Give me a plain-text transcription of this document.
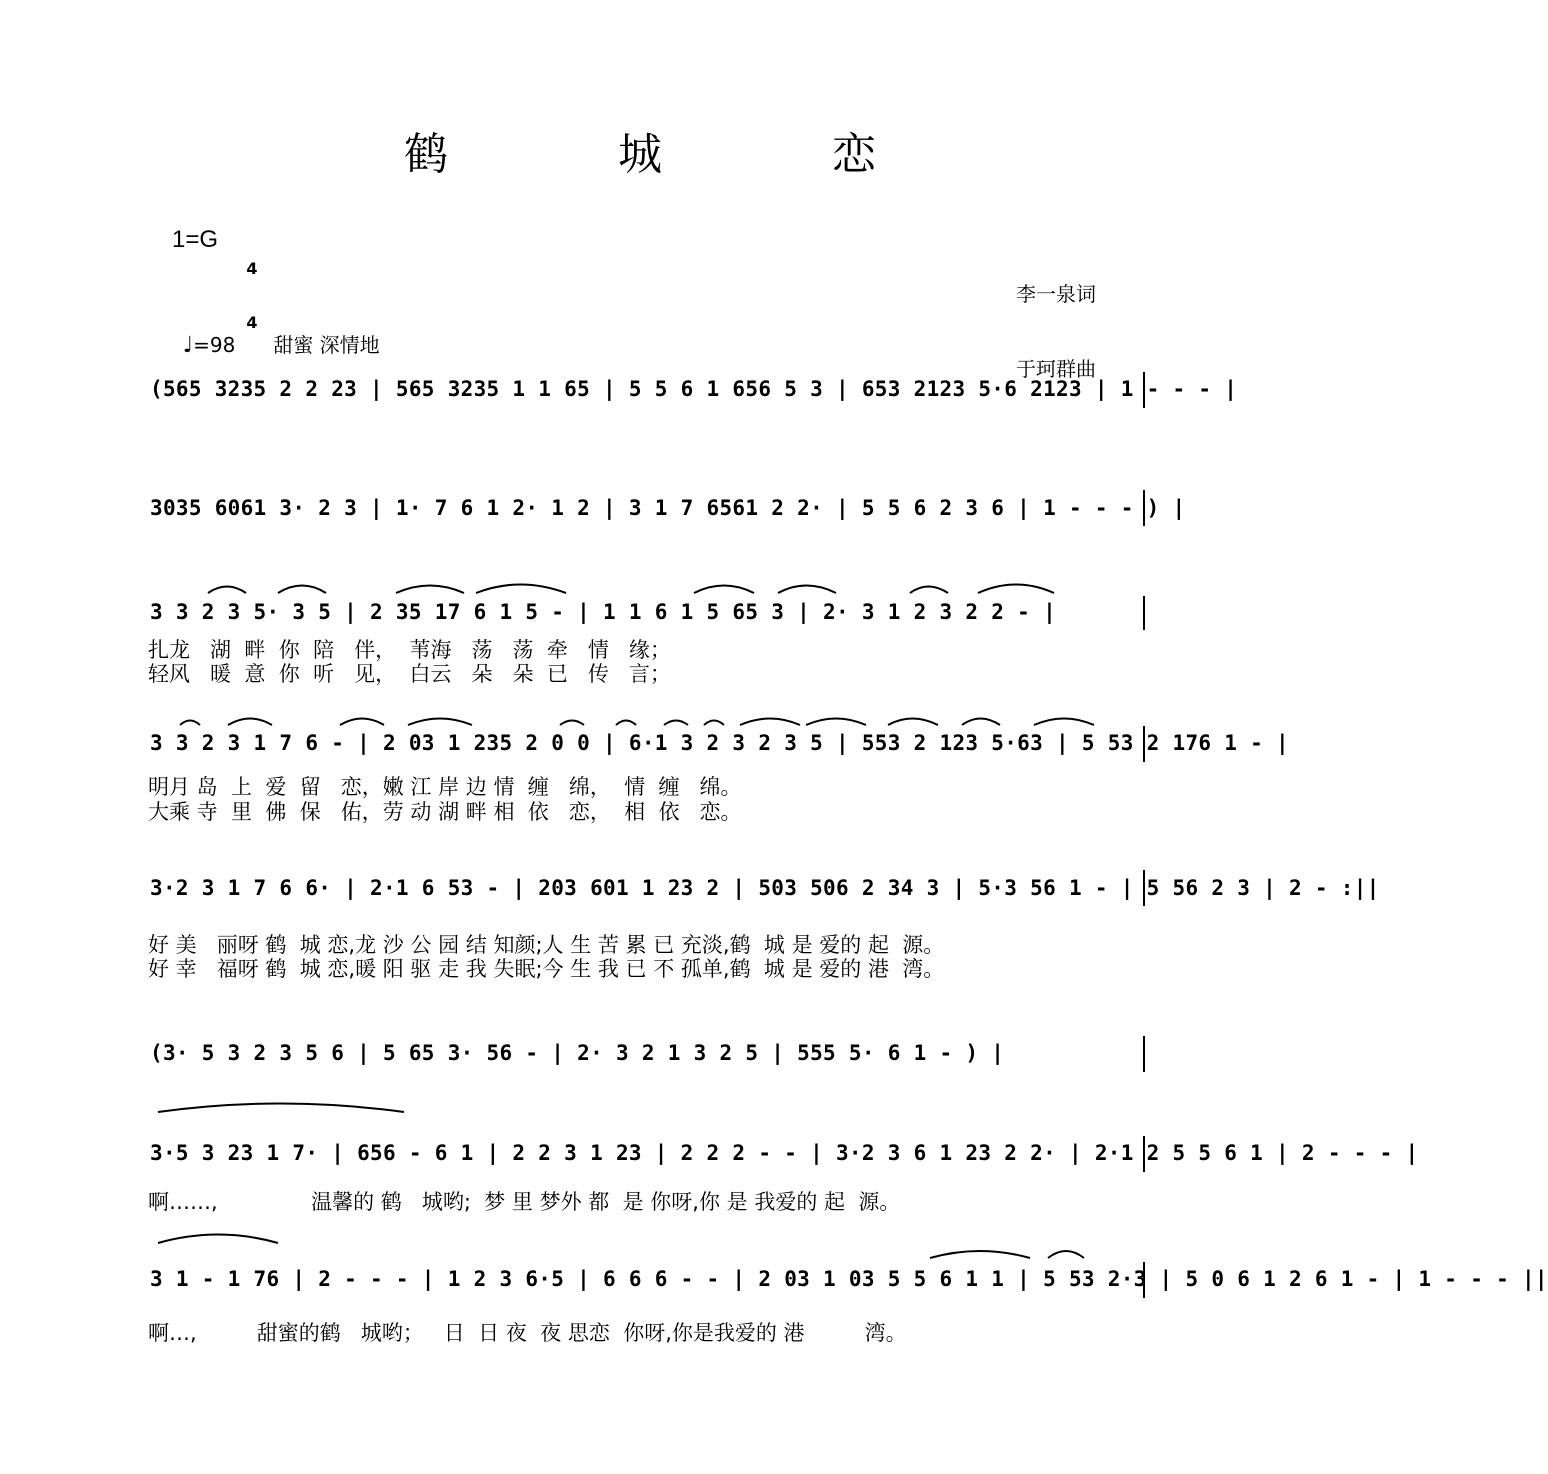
鹤 城 恋
1=G

4

4

李一泉词

于珂群曲

♩=98 甜蜜 深情地

(565 3235 2 2 23 | 565 3235 1 1 65 | 5 5 6 1 656 5 3 | 653 2123 5·6 2123 | 1 - - - |
3035 6061 3· 2 3 | 1· 7 6 1 2· 1 2 | 3 1 7 6561 2 2· | 5 5 6 2 3 6 | 1 - - - ) |
3 3 2 3 5· 3 5 | 2 35 17 6 1 5 - | 1 1 6 1 5 65 3 | 2· 3 1 2 3 2 2 - |
扎龙   湖  畔  你  陪   伴，  苇海   荡   荡  牵   情   缘；
轻风   暖  意  你  听   见，  白云   朵   朵  已   传   言；
3 3 2 3 1 7 6 - | 2 03 1 235 2 0 0 | 6·1 3 2 3 2 3 5 | 553 2 123 5·63 | 5 53 2 176 1 - |
明月 岛  上  爱  留   恋，嫩 江 岸 边 情  缠   绵，  情  缠   绵。
大乘 寺  里  佛  保   佑，劳 动 湖 畔 相  依   恋，  相  依   恋。
3·2 3 1 7 6 6· | 2·1 6 53 - | 203 601 1 23 2 | 503 506 2 34 3 | 5·3 56 1 - | 5 56 2 3 | 2 - :||
好 美   丽呀 鹤  城 恋,龙 沙 公 园 结 知颜;人 生 苦 累 已 充淡,鹤  城 是 爱的 起  源。
好 幸   福呀 鹤  城 恋,暖 阳 驱 走 我 失眠;今 生 我 已 不 孤单,鹤  城 是 爱的 港  湾。
(3· 5 3 2 3 5 6 | 5 65 3· 56 - | 2· 3 2 1 3 2 5 | 555 5· 6 1 - ) |
3·5 3 23 1 7· | 656 - 6 1 | 2 2 3 1 23 | 2 2 2 - - | 3·2 3 6 1 23 2 2· | 2·1 2 5 5 6 1 | 2 - - - |
啊……,              温馨的 鹤   城哟;  梦 里 梦外 都  是 你呀,你 是 我爱的 起  源。
3 1 - 1 76 | 2 - - - | 1 2 3 6·5 | 6 6 6 - - | 2 03 1 03 5 5 6 1 1 | 5 53 2·3 | 5 0 6 1 2 6 1 - | 1 - - - ||
啊…,         甜蜜的鹤   城哟；   日  日 夜  夜 思恋  你呀,你是我爱的 港         湾。
